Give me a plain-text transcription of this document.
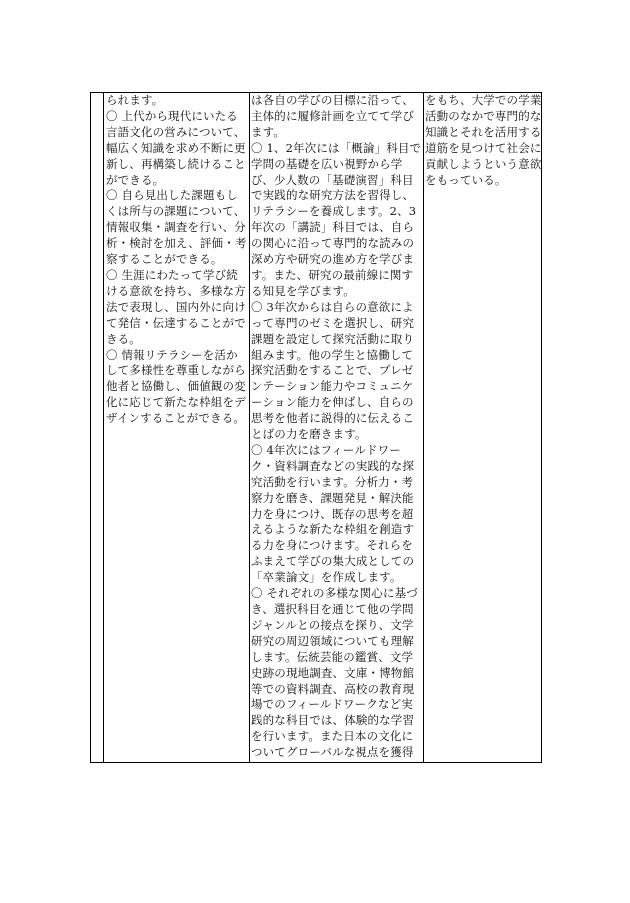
られます。
〇 上代から現代にいたる
言語文化の営みについて、
幅広く知識を求め不断に更
新し、再構築し続けること
ができる。
〇 自ら見出した課題もし
くは所与の課題について、
情報収集・調査を行い、分
析・検討を加え、評価・考
察することができる。
〇 生涯にわたって学び続
ける意欲を持ち、多様な方
法で表現し、国内外に向け
て発信・伝達することがで
きる。
〇 情報リテラシーを活か
して多様性を尊重しながら
他者と協働し、価値観の変
化に応じて新たな枠組をデ
ザインすることができる。
は各自の学びの目標に沿って、
主体的に履修計画を立てて学び
ます。
〇 1、2年次には「概論」科目で
学問の基礎を広い視野から学
び、少人数の「基礎演習」科目
で実践的な研究方法を習得し、
リテラシーを養成します。2、3
年次の「講読」科目では、自ら
の関心に沿って専門的な読みの
深め方や研究の進め方を学びま
す。また、研究の最前線に関す
る知見を学びます。
〇 3年次からは自らの意欲によ
って専門のゼミを選択し、研究
課題を設定して探究活動に取り
組みます。他の学生と協働して
探究活動をすることで、プレゼ
ンテーション能力やコミュニケ
ーション能力を伸ばし、自らの
思考を他者に説得的に伝えるこ
とばの力を磨きます。
〇 4年次にはフィールドワー
ク・資料調査などの実践的な探
究活動を行います。分析力・考
察力を磨き、課題発見・解決能
力を身につけ、既存の思考を超
えるような新たな枠組を創造す
る力を身につけます。それらを
ふまえて学びの集大成としての
「卒業論文」を作成します。
〇 それぞれの多様な関心に基づ
き、選択科目を通じて他の学問
ジャンルとの接点を探り、文学
研究の周辺領域についても理解
します。伝統芸能の鑑賞、文学
史跡の現地調査、文庫・博物館
等での資料調査、高校の教育現
場でのフィールドワークなど実
践的な科目では、体験的な学習
を行います。また日本の文化に
ついてグローバルな視点を獲得
をもち、大学での学業
活動のなかで専門的な
知識とそれを活用する
道筋を見つけて社会に
貢献しようという意欲
をもっている。
